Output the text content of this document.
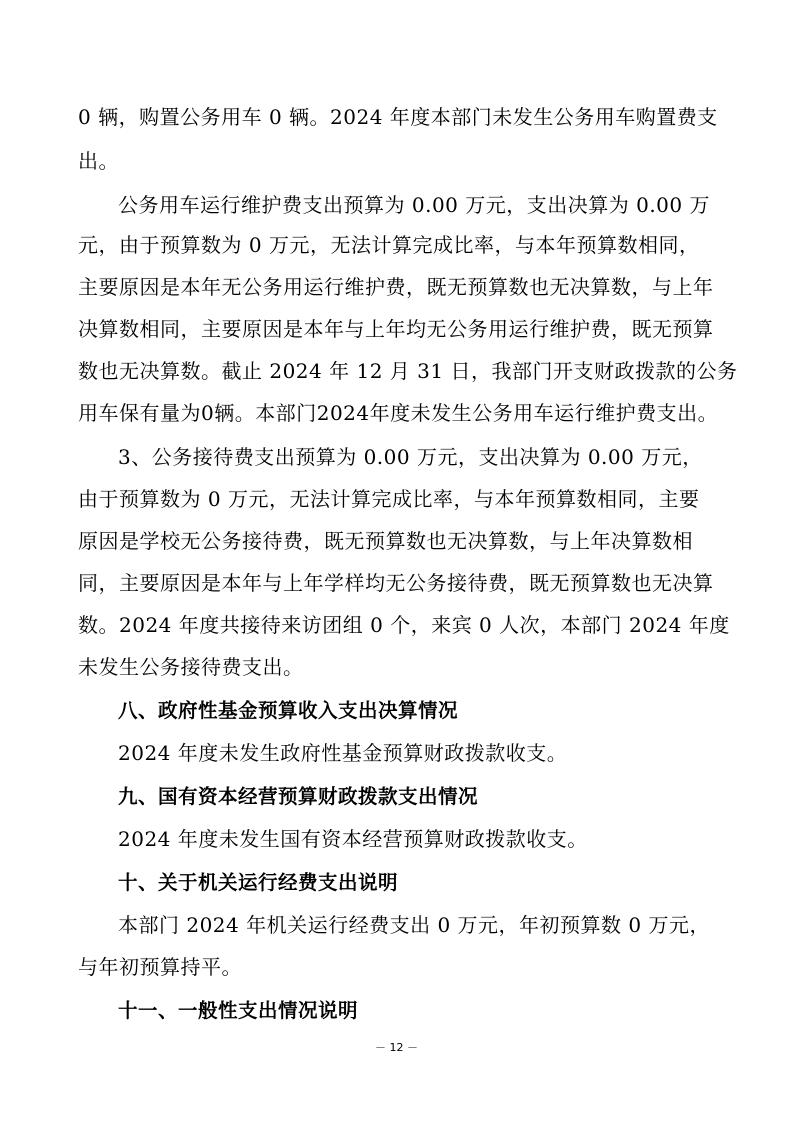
0 辆，购置公务用车 0 辆。2024 年度本部门未发生公务用车购置费支
出。
公务用车运行维护费支出预算为 0.00 万元，支出决算为 0.00 万
元，由于预算数为 0 万元，无法计算完成比率，与本年预算数相同，
主要原因是本年无公务用运行维护费，既无预算数也无决算数，与上年
决算数相同，主要原因是本年与上年均无公务用运行维护费，既无预算
数也无决算数。截止 2024 年 12 月 31 日，我部门开支财政拨款的公务
用车保有量为0辆。本部门2024年度未发生公务用车运行维护费支出。
3、公务接待费支出预算为 0.00 万元，支出决算为 0.00 万元，
由于预算数为 0 万元，无法计算完成比率，与本年预算数相同，主要
原因是学校无公务接待费，既无预算数也无决算数，与上年决算数相
同，主要原因是本年与上年学样均无公务接待费，既无预算数也无决算
数。2024 年度共接待来访团组 0 个，来宾 0 人次，本部门 2024 年度
未发生公务接待费支出。
八、政府性基金预算收入支出决算情况
2024 年度未发生政府性基金预算财政拨款收支。
九、国有资本经营预算财政拨款支出情况
2024 年度未发生国有资本经营预算财政拨款收支。
十、关于机关运行经费支出说明
本部门 2024 年机关运行经费支出 0 万元，年初预算数 0 万元，
与年初预算持平。
十一、一般性支出情况说明
－ 12 －
